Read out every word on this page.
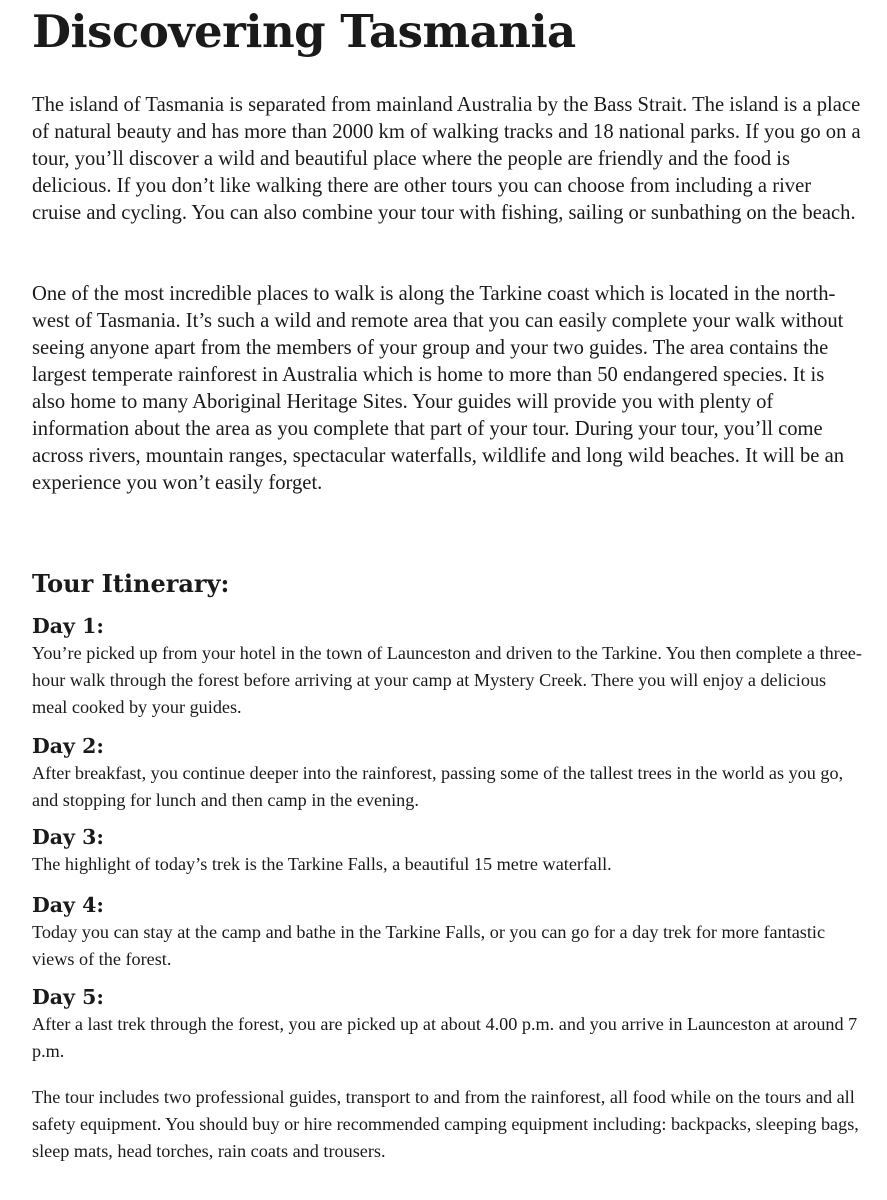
Discovering Tasmania

The island of Tasmania is separated from mainland Australia by the Bass Strait. The island is a place of natural beauty and has more than 2000 km of walking tracks and 18 national parks. If you go on a tour, you’ll discover a wild and beautiful place where the people are friendly and the food is delicious. If you don’t like walking there are other tours you can choose from including a river cruise and cycling. You can also combine your tour with fishing, sailing or sunbathing on the beach.

One of the most incredible places to walk is along the Tarkine coast which is located in the north-west of Tasmania. It’s such a wild and remote area that you can easily complete your walk without seeing anyone apart from the members of your group and your two guides. The area contains the largest temperate rainforest in Australia which is home to more than 50 endangered species. It is also home to many Aboriginal Heritage Sites. Your guides will provide you with plenty of information about the area as you complete that part of your tour. During your tour, you’ll come across rivers, mountain ranges, spectacular waterfalls, wildlife and long wild beaches. It will be an experience you won’t easily forget.

Tour Itinerary:
Day 1:

You’re picked up from your hotel in the town of Launceston and driven to the Tarkine. You then complete a three-hour walk through the forest before arriving at your camp at Mystery Creek. There you will enjoy a delicious meal cooked by your guides.

Day 2:

After breakfast, you continue deeper into the rainforest, passing some of the tallest trees in the world as you go, and stopping for lunch and then camp in the evening.

Day 3:

The highlight of today’s trek is the Tarkine Falls, a beautiful 15 metre waterfall.

Day 4:

Today you can stay at the camp and bathe in the Tarkine Falls, or you can go for a day trek for more fantastic views of the forest.

Day 5:

After a last trek through the forest, you are picked up at about 4.00 p.m. and you arrive in Launceston at around 7 p.m.

The tour includes two professional guides, transport to and from the rainforest, all food while on the tours and all safety equipment. You should buy or hire recommended camping equipment including: backpacks, sleeping bags, sleep mats, head torches, rain coats and trousers.
